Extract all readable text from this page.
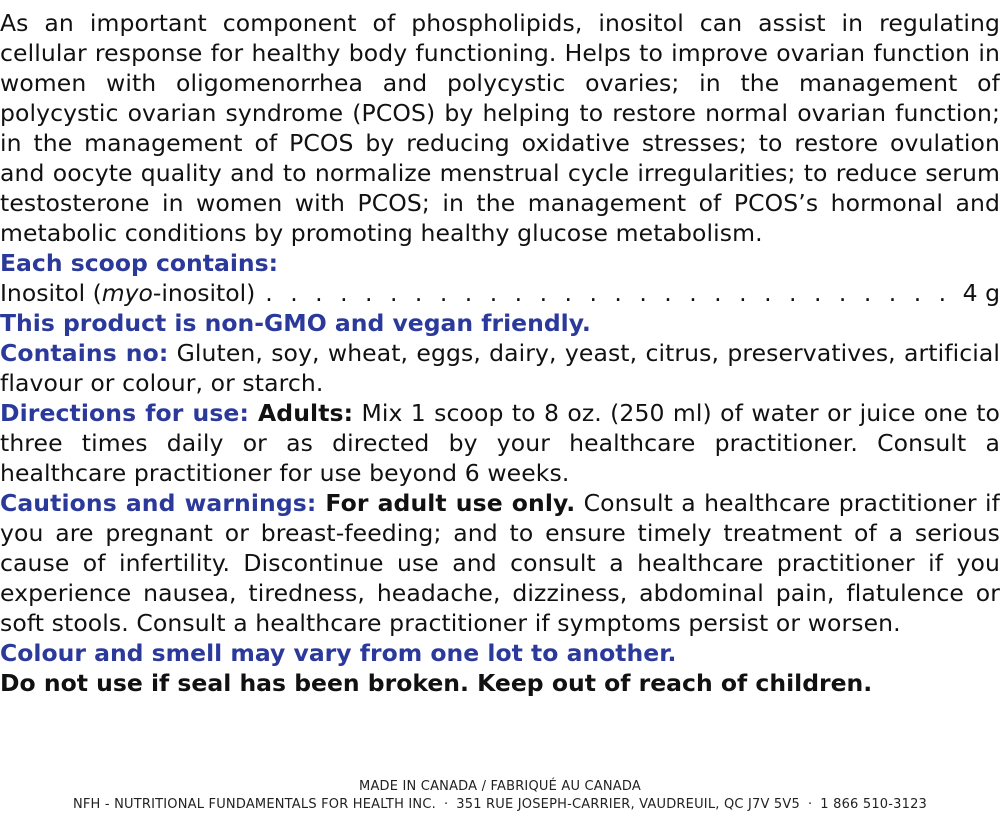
As an important component of phospholipids, inositol can assist in regulating cellular response for healthy body functioning. Helps to improve ovarian function in women with oligomenorrhea and polycystic ovaries; in the management of polycystic ovarian syndrome (PCOS) by helping to restore normal ovarian function; in the management of PCOS by reducing oxidative stresses; to restore ovulation and oocyte quality and to normalize menstrual cycle irregularities; to reduce serum testosterone in women with PCOS; in the management of PCOS’s hormonal and metabolic conditions by promoting healthy glucose metabolism.

Each scoop contains:

Inositol (myo-inositol)
. . .	4 g

This product is non-GMO and vegan friendly.

Contains no: Gluten, soy, wheat, eggs, dairy, yeast, citrus, preservatives, artificial flavour or colour, or starch.

Directions for use: Adults: Mix 1 scoop to 8 oz. (250 ml) of water or juice one to three times daily or as directed by your healthcare practitioner. Consult a healthcare practitioner for use beyond 6 weeks.

Cautions and warnings: For adult use only. Consult a healthcare practitioner if you are pregnant or breast-feeding; and to ensure timely treatment of a serious cause of infertility. Discontinue use and consult a healthcare practitioner if you experience nausea, tiredness, headache, dizziness, abdominal pain, flatulence or soft stools. Consult a healthcare practitioner if symptoms persist or worsen.

Colour and smell may vary from one lot to another.

Do not use if seal has been broken. Keep out of reach of children.

MADE IN CANADA / FABRIQUÉ AU CANADA
NFH - NUTRITIONAL FUNDAMENTALS FOR HEALTH INC. · 351 RUE JOSEPH-CARRIER, VAUDREUIL, QC J7V 5V5 · 1 866 510-3123
